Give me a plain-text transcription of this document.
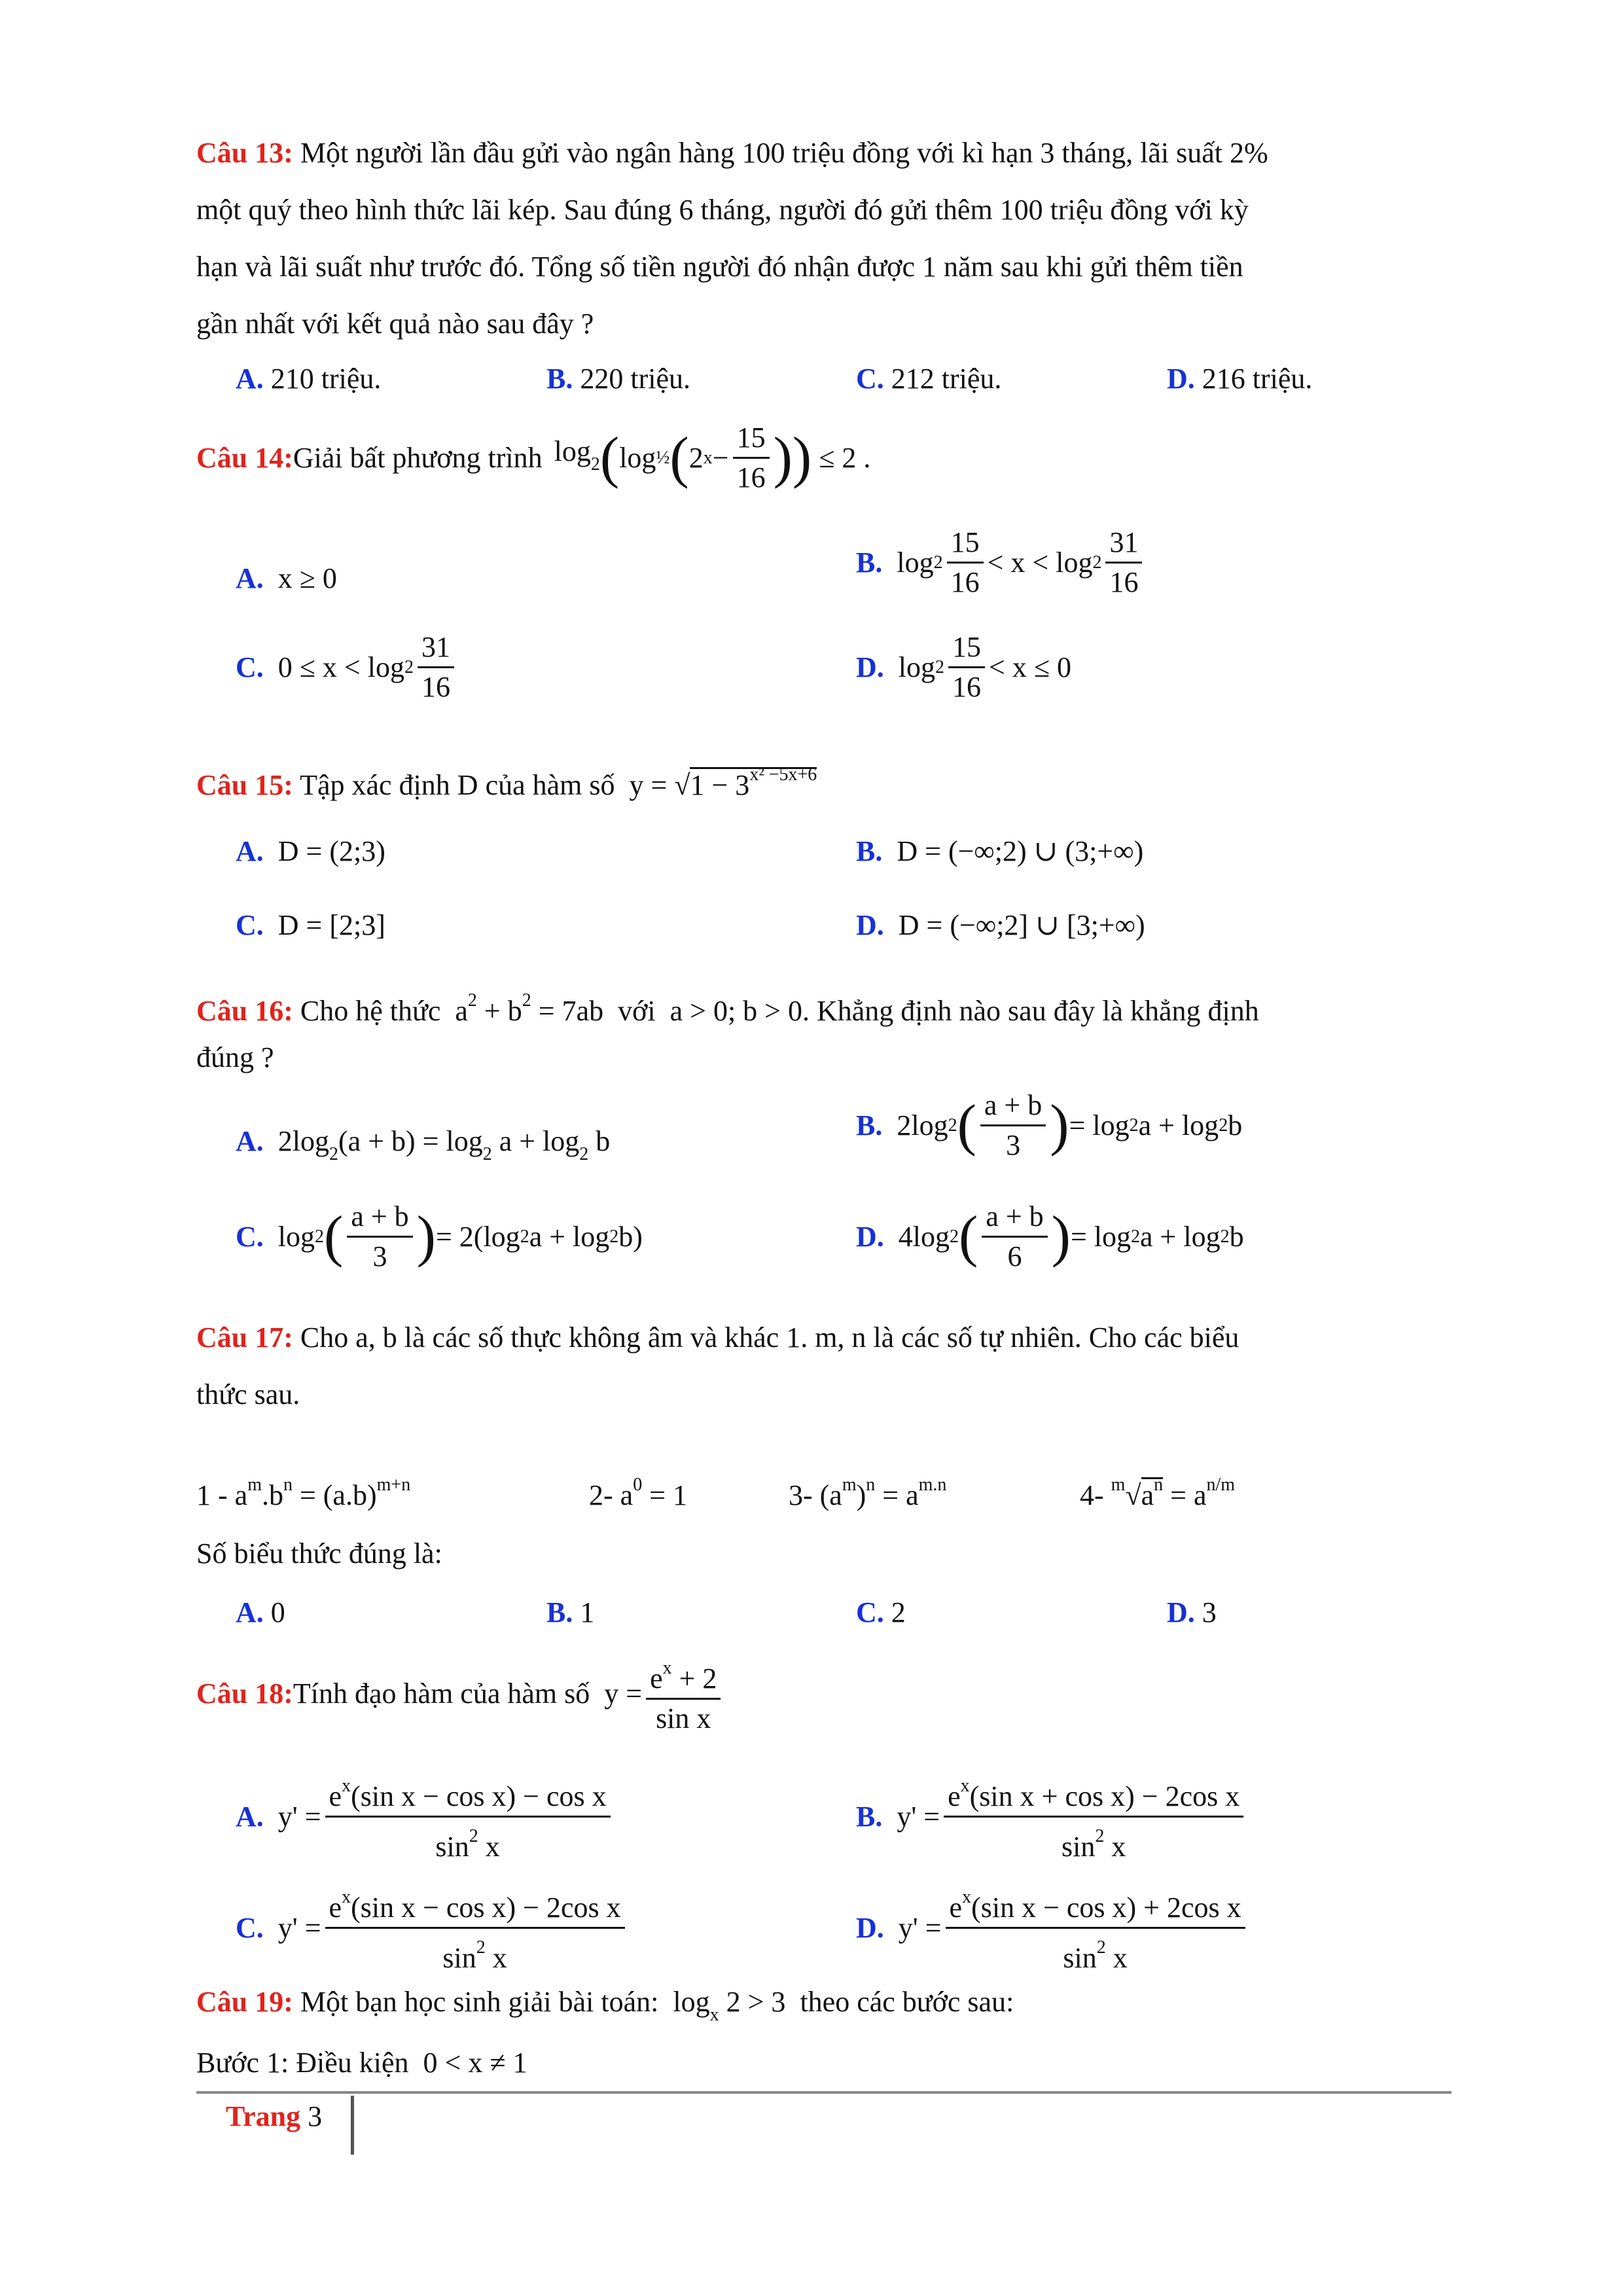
Câu 13: Một người lần đầu gửi vào ngân hàng 100 triệu đồng với kì hạn 3 tháng, lãi suất 2%
một quý theo hình thức lãi kép. Sau đúng 6 tháng, người đó gửi thêm 100 triệu đồng với kỳ
hạn và lãi suất như trước đó. Tổng số tiền người đó nhận được 1 năm sau khi gửi thêm tiền
gần nhất với kết quả nào sau đây ?
A. 210 triệu.	B. 220 triệu.	C. 212 triệu.	D. 216 triệu.
Câu 14: Giải bất phương trình $\log_2$ ( log ½ ( 2 $x - \frac{15}{16}$ ) ) ≤ 2 .
A.  x ≥ 0	B. $\log 2 \frac{15}{16} < x < \log 2 \frac{31}{16}$
C. $0 \le x < \log 2 \frac{31}{16}$	D. $\log 2 \frac{15}{16} < x \le 0$
Câu 15: Tập xác định D của hàm số  $y = √1 - 3^{x^2 -5x+6}$
A. D = (2;3)	B. D = (−∞;2) ∪ (3;+∞)
C. D = [2;3]	D. D = (−∞;2] ∪ [3;+∞)
Câu 16: Cho hệ thức  $a^2 + b^2 = 7ab$  với  a > 0; b > 0. Khẳng định nào sau đây là khẳng định
đúng ?
A.  $2\log_2(a + b) = \log_2 a + \log_2 b$	B. 2log 2 ( $\frac{a + b}{3}$ ) = log 2 a + log 2 b
C. log 2 ( $\frac{a + b}{3}$ ) = 2(log 2 a + log 2 b)	D. 4log 2 ( $\frac{a + b}{6}$ ) = log 2 a + log 2 b
Câu 17: Cho a, b là các số thực không âm và khác 1. m, n là các số tự nhiên. Cho các biểu
thức sau.
$1 - a^m.b^n = (a.b)^{m+n}$	2- $a^0 = 1$	3- $(a^m)^n = a^{m.n}$	4- $^m√a^n = a^{n/m}$
Số biểu thức đúng là:
A. 0	B. 1	C. 2	D. 3
Câu 18: Tính đạo hàm của hàm số $y = \frac{e^x + 2}{\text{sin x}}$
A. $y' = \frac{e^x(\sin x - \cos x) - \cos x}{\sin^2 x}$	B. $y' = \frac{e^x(\sin x + \cos x) - 2\cos x}{\sin^2 x}$
C. $y' = \frac{e^x(\sin x - \cos x) - 2\cos x}{\sin^2 x}$	D. $y' = \frac{e^x(\sin x - \cos x) + 2\cos x}{\sin^2 x}$
Câu 19: Một bạn học sinh giải bài toán:  $\log_x 2 > 3$  theo các bước sau:
Bước 1: Điều kiện  0 < x ≠ 1
Trang 3
